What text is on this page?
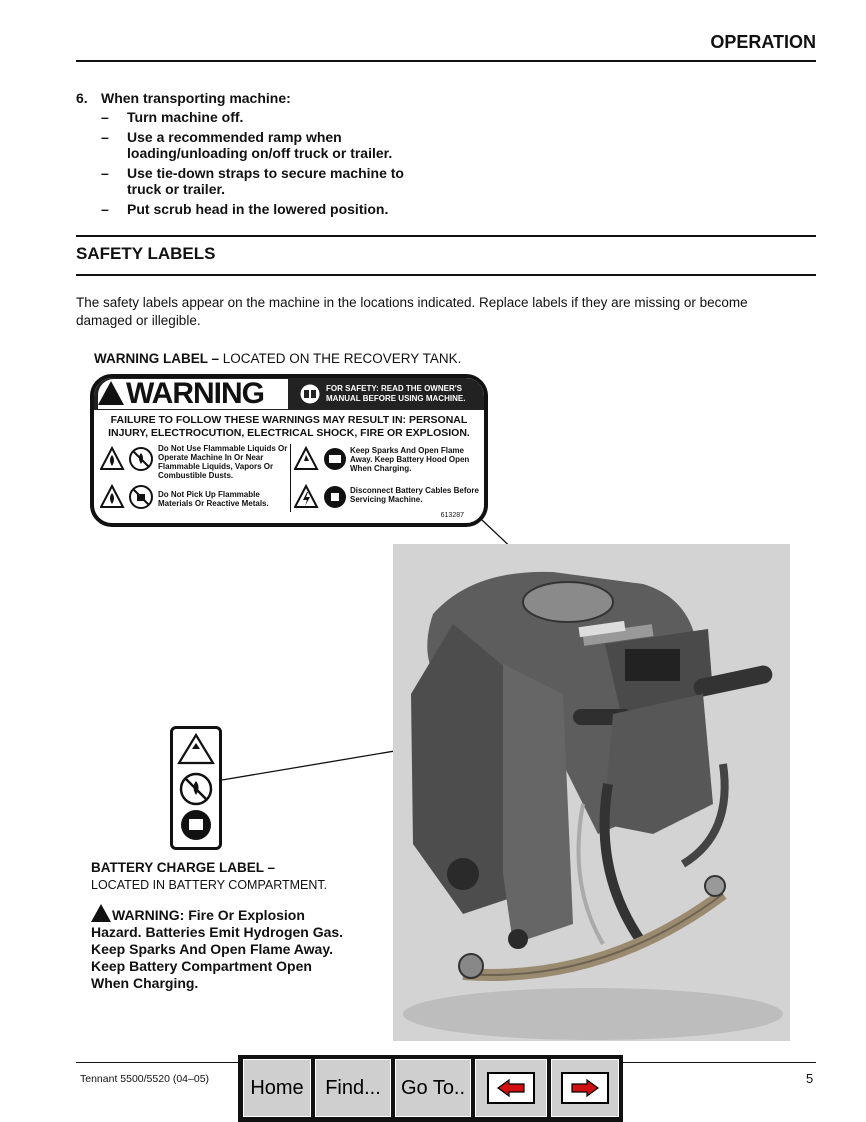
OPERATION
6. When transporting machine:
– Turn machine off.
– Use a recommended ramp when loading/unloading on/off truck or trailer.
– Use tie-down straps to secure machine to truck or trailer.
– Put scrub head in the lowered position.
SAFETY LABELS
The safety labels appear on the machine in the locations indicated. Replace labels if they are missing or become damaged or illegible.
WARNING LABEL – LOCATED ON THE RECOVERY TANK.
WARNING	FOR SAFETY: READ THE OWNER'S MANUAL BEFORE USING MACHINE.
FAILURE TO FOLLOW THESE WARNINGS MAY RESULT IN: PERSONAL INJURY, ELECTROCUTION, ELECTRICAL SHOCK, FIRE OR EXPLOSION.
Do Not Use Flammable Liquids Or Operate Machine In Or Near Flammable Liquids, Vapors Or Combustible Dusts.
Keep Sparks And Open Flame Away. Keep Battery Hood Open When Charging.
Do Not Pick Up Flammable Materials Or Reactive Metals.
Disconnect Battery Cables Before Servicing Machine.
613287
BATTERY CHARGE LABEL –
LOCATED IN BATTERY COMPARTMENT.
WARNING: Fire Or Explosion Hazard. Batteries Emit Hydrogen Gas. Keep Sparks And Open Flame Away. Keep Battery Compartment Open When Charging.
Tennant 5500/5520 (04–05)	5
Home	Find...	Go To..
